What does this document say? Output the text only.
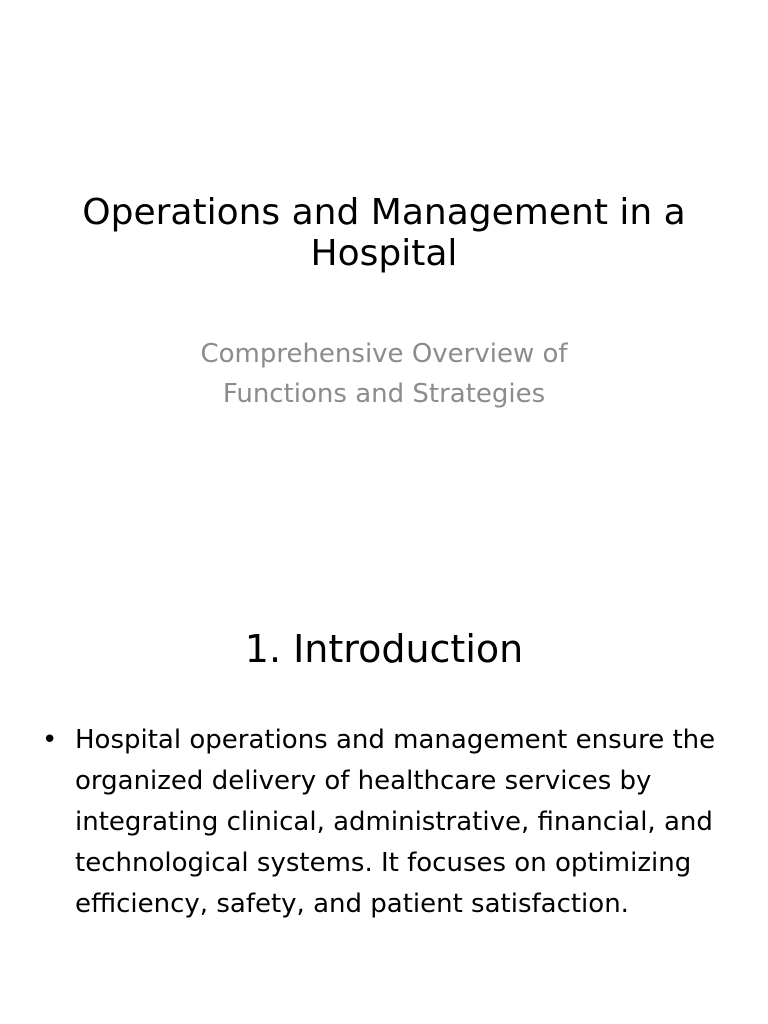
Operations and Management in a Hospital

Comprehensive Overview of Functions and Strategies

1. Introduction
• Hospital operations and management ensure the organized delivery of healthcare services by integrating clinical, administrative, financial, and technological systems. It focuses on optimizing efficiency, safety, and patient satisfaction.
